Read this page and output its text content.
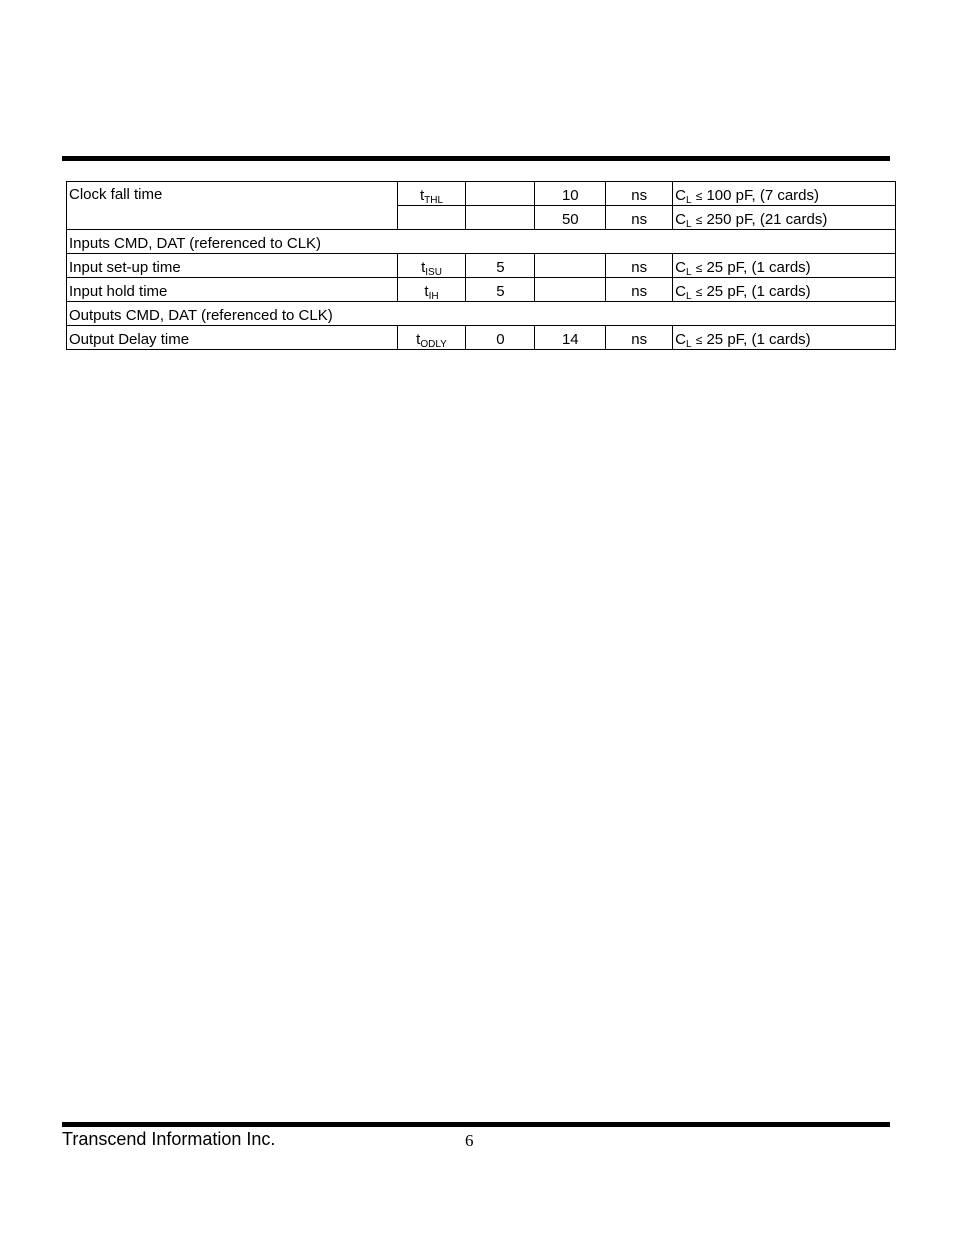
Clock fall time	$t_{THL}$		10	ns	$C_L \le 100$ pF, (7 cards)
			50	ns	$C_L \le 250$ pF, (21 cards)
Inputs CMD, DAT (referenced to CLK)					
Input set-up time	$t_{ISU}$	5		ns	$C_L \le 25$ pF, (1 cards)
Input hold time	$t_{IH}$	5		ns	$C_L \le 25$ pF, (1 cards)
Outputs CMD, DAT (referenced to CLK)					
Output Delay time	$t_{ODLY}$	0	14	ns	$C_L \le 25$ pF, (1 cards)
Transcend Information Inc.	6
